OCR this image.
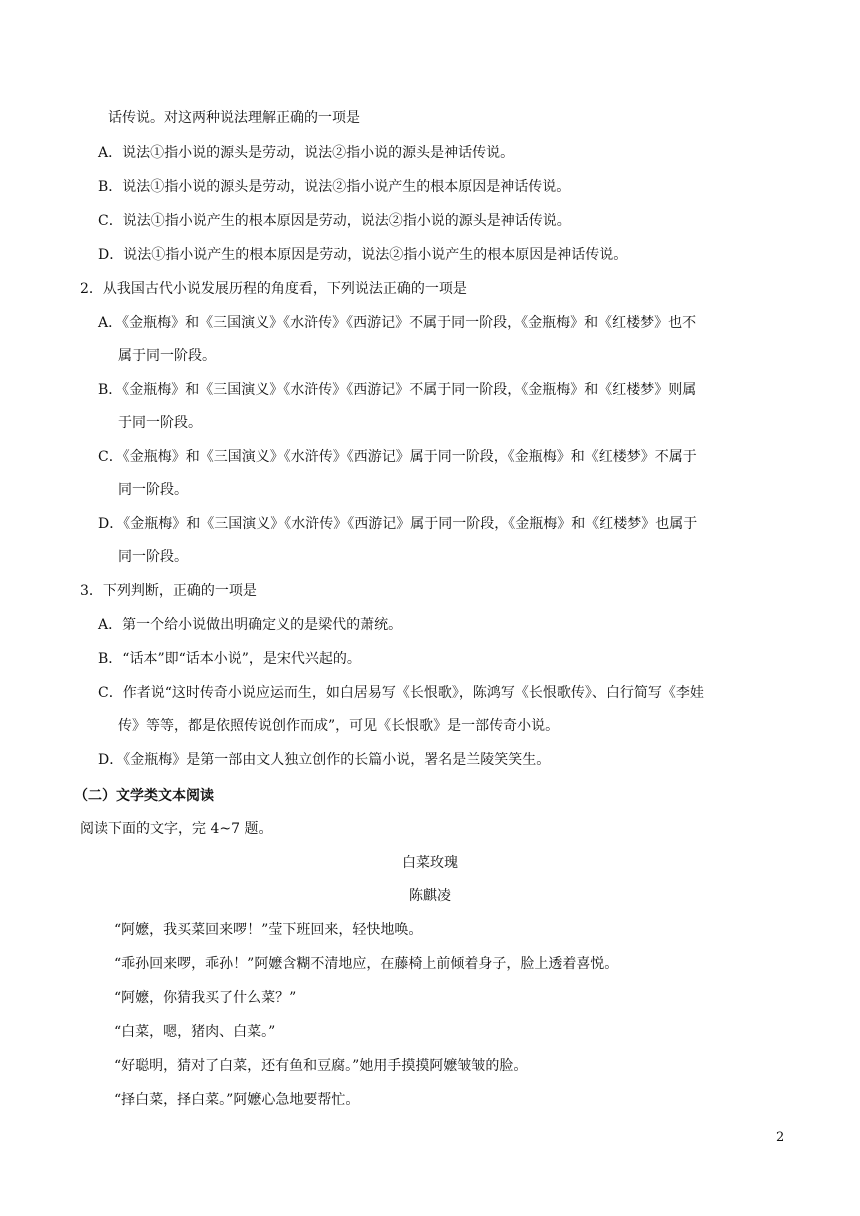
话传说。对这两种说法理解正确的一项是
A．说法①指小说的源头是劳动，说法②指小说的源头是神话传说。
B．说法①指小说的源头是劳动，说法②指小说产生的根本原因是神话传说。
C．说法①指小说产生的根本原因是劳动，说法②指小说的源头是神话传说。
D．说法①指小说产生的根本原因是劳动，说法②指小说产生的根本原因是神话传说。
2．从我国古代小说发展历程的角度看，下列说法正确的一项是
A．《金瓶梅》和《三国演义》《水浒传》《西游记》不属于同一阶段，《金瓶梅》和《红楼梦》也不
属于同一阶段。
B．《金瓶梅》和《三国演义》《水浒传》《西游记》不属于同一阶段，《金瓶梅》和《红楼梦》则属
于同一阶段。
C．《金瓶梅》和《三国演义》《水浒传》《西游记》属于同一阶段，《金瓶梅》和《红楼梦》不属于
同一阶段。
D．《金瓶梅》和《三国演义》《水浒传》《西游记》属于同一阶段，《金瓶梅》和《红楼梦》也属于
同一阶段。
3．下列判断，正确的一项是
A．第一个给小说做出明确定义的是梁代的萧统。
B．“话本”即“话本小说”，是宋代兴起的。
C．作者说“这时传奇小说应运而生，如白居易写《长恨歌》，陈鸿写《长恨歌传》、白行简写《李娃
传》等等，都是依照传说创作而成”，可见《长恨歌》是一部传奇小说。
D．《金瓶梅》是第一部由文人独立创作的长篇小说，署名是兰陵笑笑生。
（二）文学类文本阅读
阅读下面的文字，完 4~7 题。
白菜玫瑰
陈麒凌
“阿嬷，我买菜回来啰！”莹下班回来，轻快地唤。
“乖孙回来啰，乖孙！”阿嬷含糊不清地应，在藤椅上前倾着身子，脸上透着喜悦。
“阿嬷，你猜我买了什么菜？”
“白菜，嗯，猪肉、白菜。”
“好聪明，猜对了白菜，还有鱼和豆腐。”她用手摸摸阿嬷皱皱的脸。
“择白菜，择白菜。”阿嬷心急地要帮忙。
2
